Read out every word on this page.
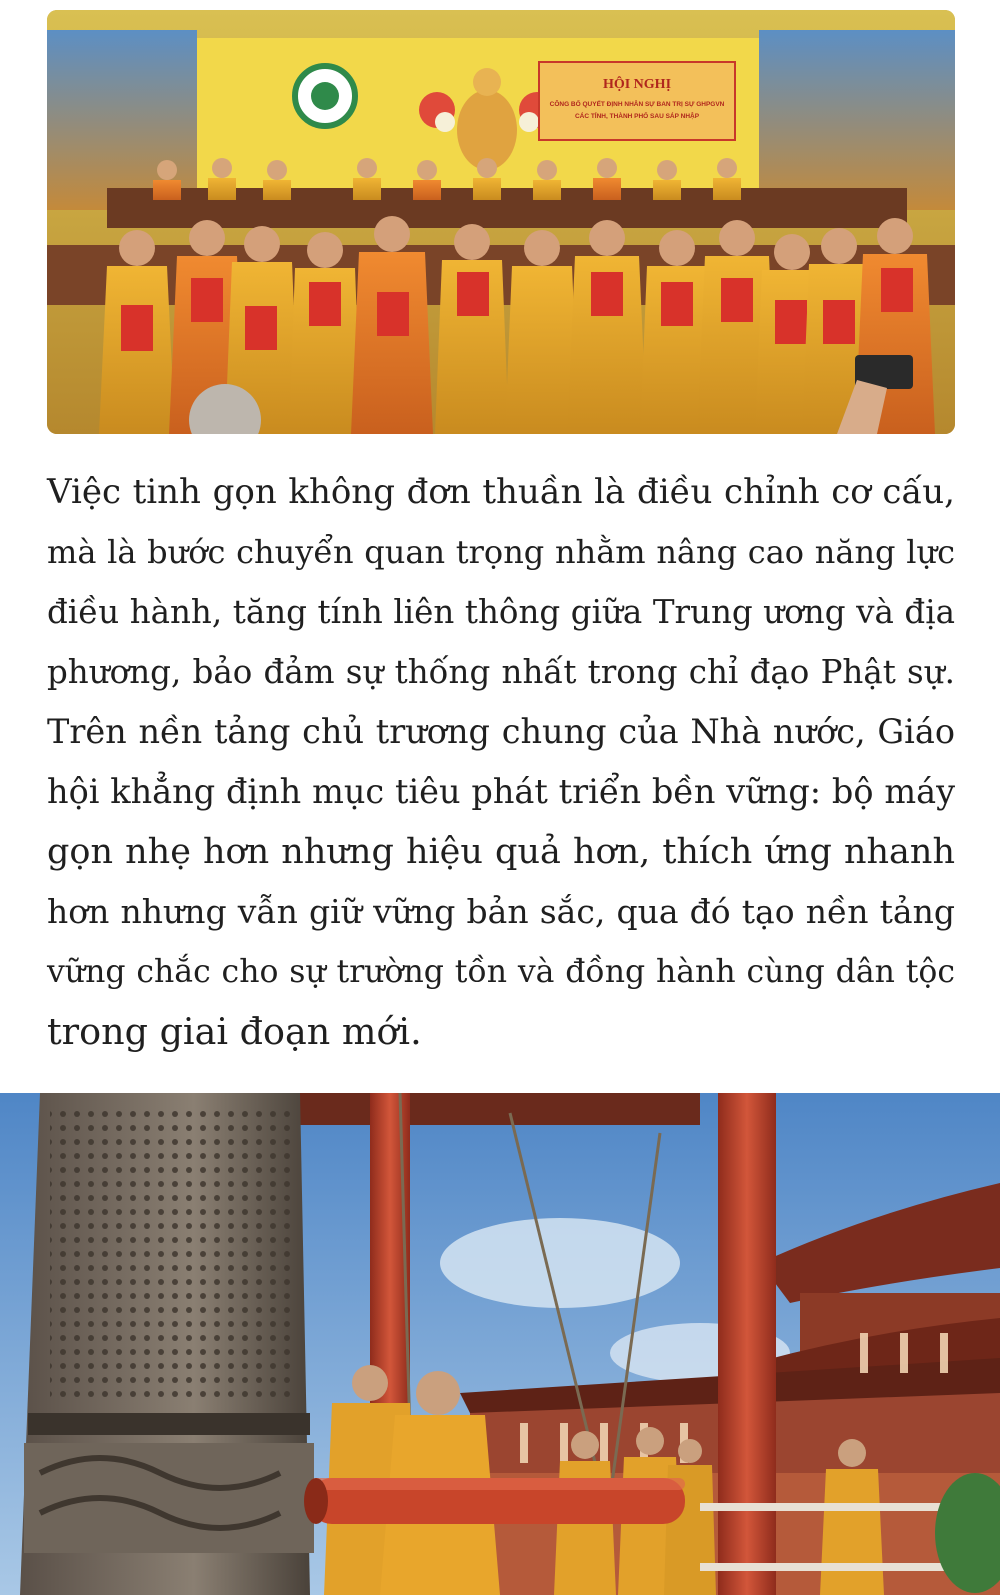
HỘI NGHỊ
CÔNG BỐ QUYẾT ĐỊNH NHÂN SỰ BAN TRỊ SỰ GHPGVN
CÁC TỈNH, THÀNH PHỐ SAU SÁP NHẬP

Việc tinh gọn không đơn thuần là điều chỉnh cơ cấu,
mà là bước chuyển quan trọng nhằm nâng cao năng lực
điều hành, tăng tính liên thông giữa Trung ương và địa
phương, bảo đảm sự thống nhất trong chỉ đạo Phật sự.
Trên nền tảng chủ trương chung của Nhà nước, Giáo
hội khẳng định mục tiêu phát triển bền vững: bộ máy
gọn nhẹ hơn nhưng hiệu quả hơn, thích ứng nhanh
hơn nhưng vẫn giữ vững bản sắc, qua đó tạo nền tảng
vững chắc cho sự trường tồn và đồng hành cùng dân tộc
trong giai đoạn mới.
